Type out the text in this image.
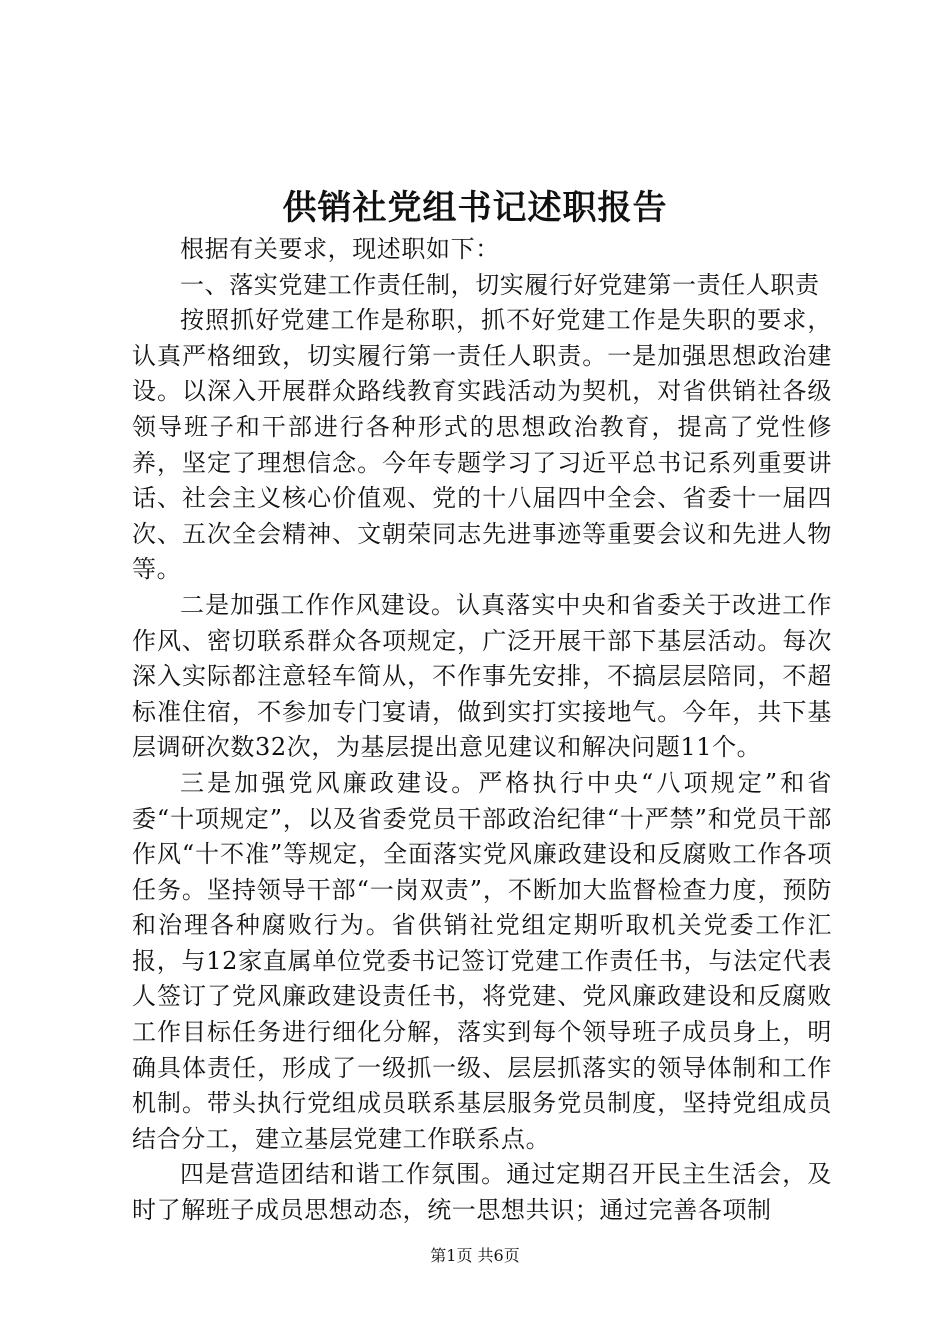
供销社党组书记述职报告

根据有关要求，现述职如下：

一、落实党建工作责任制，切实履行好党建第一责任人职责

按照抓好党建工作是称职，抓不好党建工作是失职的要求，认真严格细致，切实履行第一责任人职责。一是加强思想政治建设。以深入开展群众路线教育实践活动为契机，对省供销社各级领导班子和干部进行各种形式的思想政治教育，提高了党性修养，坚定了理想信念。今年专题学习了习近平总书记系列重要讲话、社会主义核心价值观、党的十八届四中全会、省委十一届四次、五次全会精神、文朝荣同志先进事迹等重要会议和先进人物等。

二是加强工作作风建设。认真落实中央和省委关于改进工作作风、密切联系群众各项规定，广泛开展干部下基层活动。每次深入实际都注意轻车简从，不作事先安排，不搞层层陪同，不超标准住宿，不参加专门宴请，做到实打实接地气。今年，共下基层调研次数32次，为基层提出意见建议和解决问题11个。

三是加强党风廉政建设。严格执行中央“八项规定”和省委“十项规定”，以及省委党员干部政治纪律“十严禁”和党员干部作风“十不准”等规定，全面落实党风廉政建设和反腐败工作各项任务。坚持领导干部“一岗双责”，不断加大监督检查力度，预防和治理各种腐败行为。省供销社党组定期听取机关党委工作汇报，与12家直属单位党委书记签订党建工作责任书，与法定代表人签订了党风廉政建设责任书，将党建、党风廉政建设和反腐败工作目标任务进行细化分解，落实到每个领导班子成员身上，明确具体责任，形成了一级抓一级、层层抓落实的领导体制和工作机制。带头执行党组成员联系基层服务党员制度，坚持党组成员结合分工，建立基层党建工作联系点。

四是营造团结和谐工作氛围。通过定期召开民主生活会，及时了解班子成员思想动态，统一思想共识；通过完善各项制

第1页 共6页
